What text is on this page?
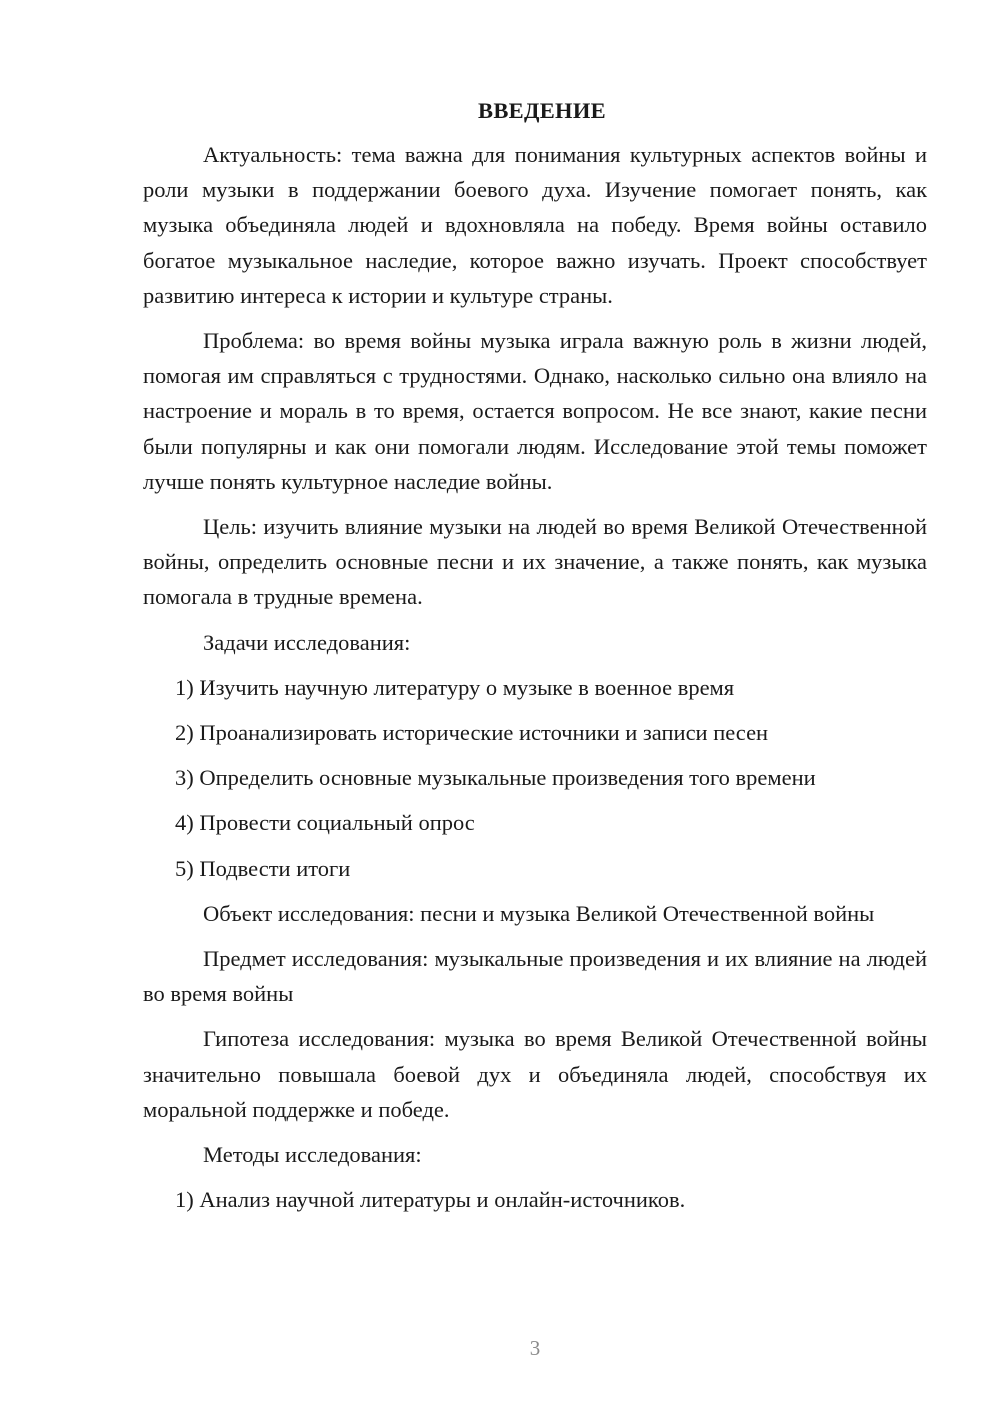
ВВЕДЕНИЕ

Актуальность: тема важна для понимания культурных аспектов войны и роли музыки в поддержании боевого духа. Изучение помогает понять, как музыка объединяла людей и вдохновляла на победу. Время войны оставило богатое музыкальное наследие, которое важно изучать. Проект способствует развитию интереса к истории и культуре страны.

Проблема: во время войны музыка играла важную роль в жизни людей, помогая им справляться с трудностями. Однако, насколько сильно она влияло на настроение и мораль в то время, остается вопросом. Не все знают, какие песни были популярны и как они помогали людям. Исследование этой темы поможет лучше понять культурное наследие войны.

Цель: изучить влияние музыки на людей во время Великой Отечественной войны, определить основные песни и их значение, а также понять, как музыка помогала в трудные времена.

Задачи исследования:

1) Изучить научную литературу о музыке в военное время
2) Проанализировать исторические источники и записи песен
3) Определить основные музыкальные произведения того времени
4) Провести социальный опрос
5) Подвести итоги

Объект исследования: песни и музыка Великой Отечественной войны

Предмет исследования: музыкальные произведения и их влияние на людей во время войны

Гипотеза исследования: музыка во время Великой Отечественной войны значительно повышала боевой дух и объединяла людей, способствуя их моральной поддержке и победе.

Методы исследования:

1) Анализ научной литературы и онлайн-источников.
3
